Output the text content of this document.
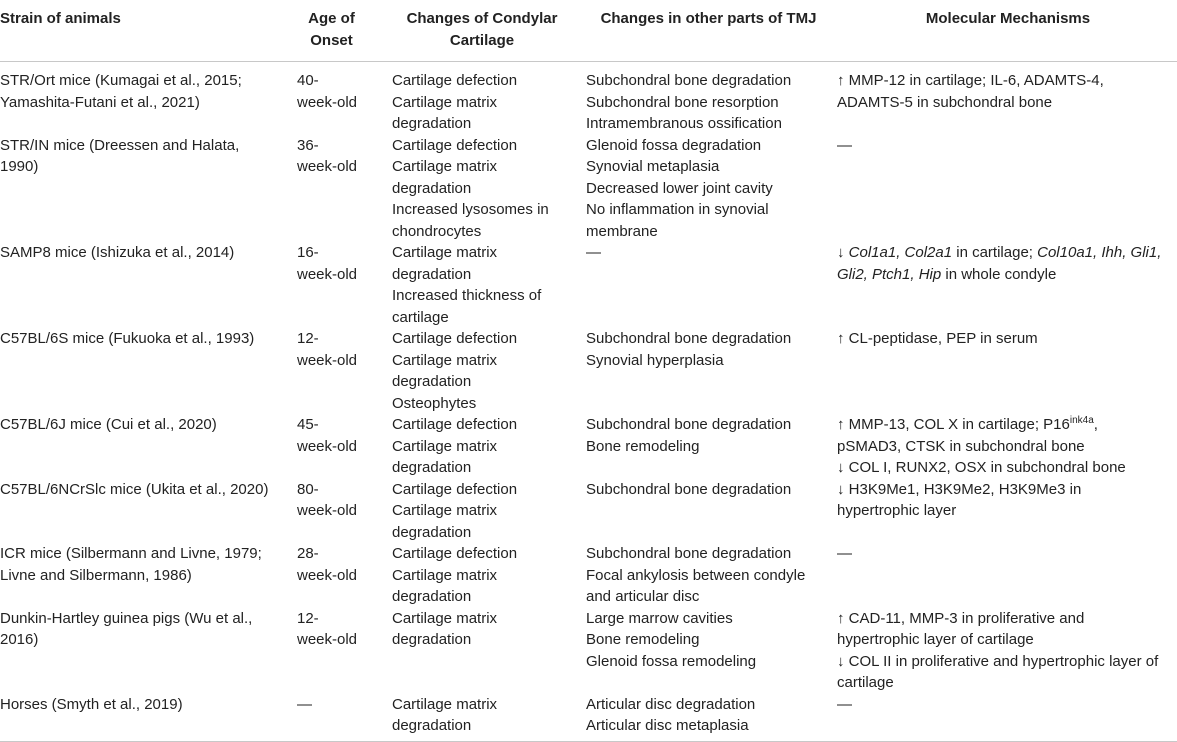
Strain of animals	Age of
Onset	Changes of Condylar
Cartilage	Changes in other parts of TMJ	Molecular Mechanisms

STR/Ort mice (Kumagai et al., 2015;
Yamashita-Futani et al., 2021)	40-
week-old	Cartilage defection
Cartilage matrix
degradation	Subchondral bone degradation
Subchondral bone resorption
Intramembranous ossification	↑ MMP-12 in cartilage; IL-6, ADAMTS-4,
ADAMTS-5 in subchondral bone

STR/IN mice (Dreessen and Halata,
1990)	36-
week-old	Cartilage defection
Cartilage matrix
degradation
Increased lysosomes in
chondrocytes	Glenoid fossa degradation
Synovial metaplasia
Decreased lower joint cavity
No inflammation in synovial
membrane	—

SAMP8 mice (Ishizuka et al., 2014)	16-
week-old	Cartilage matrix
degradation
Increased thickness of
cartilage	—	↓ Col1a1, Col2a1 in cartilage; Col10a1, Ihh, Gli1,
Gli2, Ptch1, Hip in whole condyle

C57BL/6S mice (Fukuoka et al., 1993)	12-
week-old	Cartilage defection
Cartilage matrix
degradation
Osteophytes	Subchondral bone degradation
Synovial hyperplasia	↑ CL-peptidase, PEP in serum

C57BL/6J mice (Cui et al., 2020)	45-
week-old	Cartilage defection
Cartilage matrix
degradation	Subchondral bone degradation
Bone remodeling	↑ MMP-13, COL X in cartilage; $P16^{ink4a}$,
pSMAD3, CTSK in subchondral bone
↓ COL I, RUNX2, OSX in subchondral bone

C57BL/6NCrSlc mice (Ukita et al., 2020)	80-
week-old	Cartilage defection
Cartilage matrix
degradation	Subchondral bone degradation	↓ H3K9Me1, H3K9Me2, H3K9Me3 in
hypertrophic layer

ICR mice (Silbermann and Livne, 1979;
Livne and Silbermann, 1986)	28-
week-old	Cartilage defection
Cartilage matrix
degradation	Subchondral bone degradation
Focal ankylosis between condyle
and articular disc	—

Dunkin-Hartley guinea pigs (Wu et al.,
2016)	12-
week-old	Cartilage matrix
degradation	Large marrow cavities
Bone remodeling
Glenoid fossa remodeling	↑ CAD-11, MMP-3 in proliferative and
hypertrophic layer of cartilage
↓ COL II in proliferative and hypertrophic layer of
cartilage

Horses (Smyth et al., 2019)	—	Cartilage matrix
degradation	Articular disc degradation
Articular disc metaplasia	—
